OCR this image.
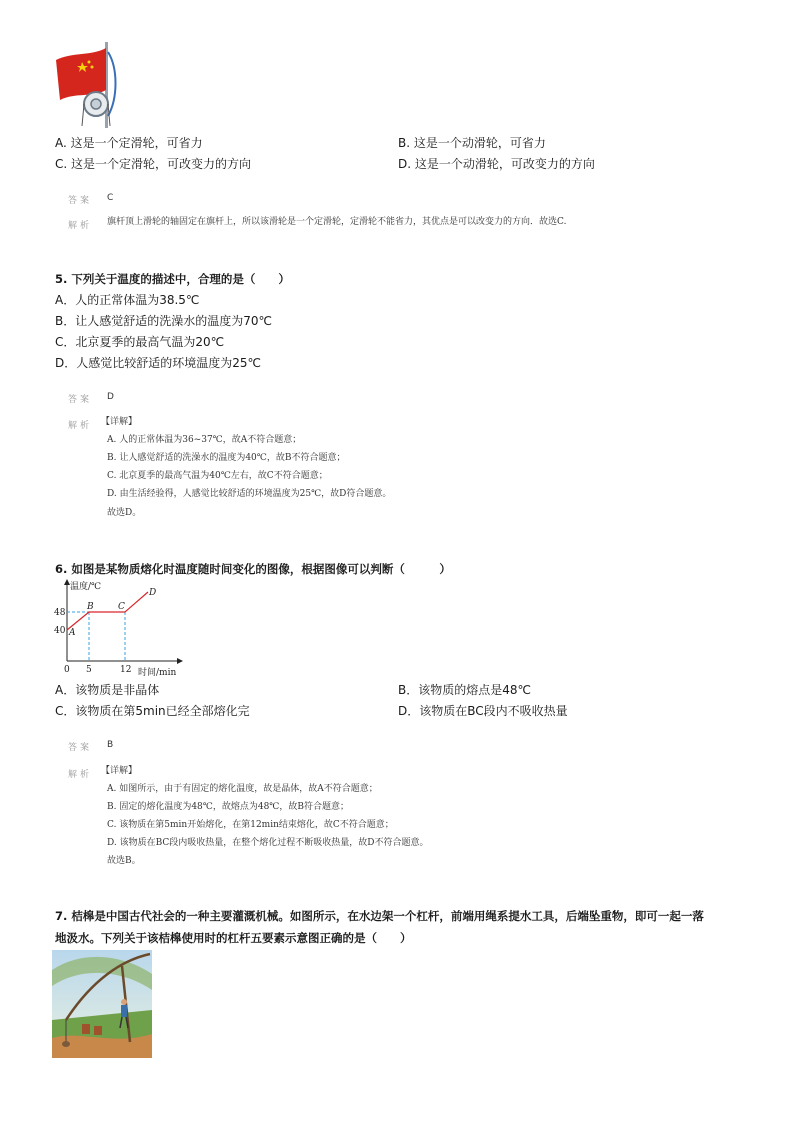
A. 这是一个定滑轮，可省力	B. 这是一个动滑轮，可省力
C. 这是一个定滑轮，可改变力的方向	D. 这是一个动滑轮，可改变力的方向
答案 C
解析 旗杆顶上滑轮的轴固定在旗杆上，所以该滑轮是一个定滑轮，定滑轮不能省力，其优点是可以改变力的方向．故选C.
5. 下列关于温度的描述中，合理的是（　　）
A．人的正常体温为38.5℃
B．让人感觉舒适的洗澡水的温度为70℃
C．北京夏季的最高气温为20℃
D．人感觉比较舒适的环境温度为25℃
答案 D
解析 【详解】
A. 人的正常体温为36~37℃，故A不符合题意；
B. 让人感觉舒适的洗澡水的温度为40℃，故B不符合题意；
C. 北京夏季的最高气温为40℃左右，故C不符合题意；
D. 由生活经验得，人感觉比较舒适的环境温度为25℃，故D符合题意。
故选D。
6. 如图是某物质熔化时温度随时间变化的图像，根据图像可以判断（　　　）
温度/℃
48
40
0 5	12 时间/min
A
B	C
D
A．该物质是非晶体	B．该物质的熔点是48℃
C．该物质在第5min已经全部熔化完	D．该物质在BC段内不吸收热量
答案 B
解析 【详解】
A. 如图所示，由于有固定的熔化温度，故是晶体，故A不符合题意；
B. 固定的熔化温度为48℃，故熔点为48℃，故B符合题意；
C. 该物质在第5min开始熔化，在第12min结束熔化，故C不符合题意；
D. 该物质在BC段内吸收热量，在整个熔化过程不断吸收热量，故D不符合题意。
故选B。
7. 桔槔是中国古代社会的一种主要灌溉机械。如图所示，在水边架一个杠杆，前端用绳系提水工具，后端坠重物，即可一起一落
地汲水。下列关于该桔槔使用时的杠杆五要素示意图正确的是（　　）
